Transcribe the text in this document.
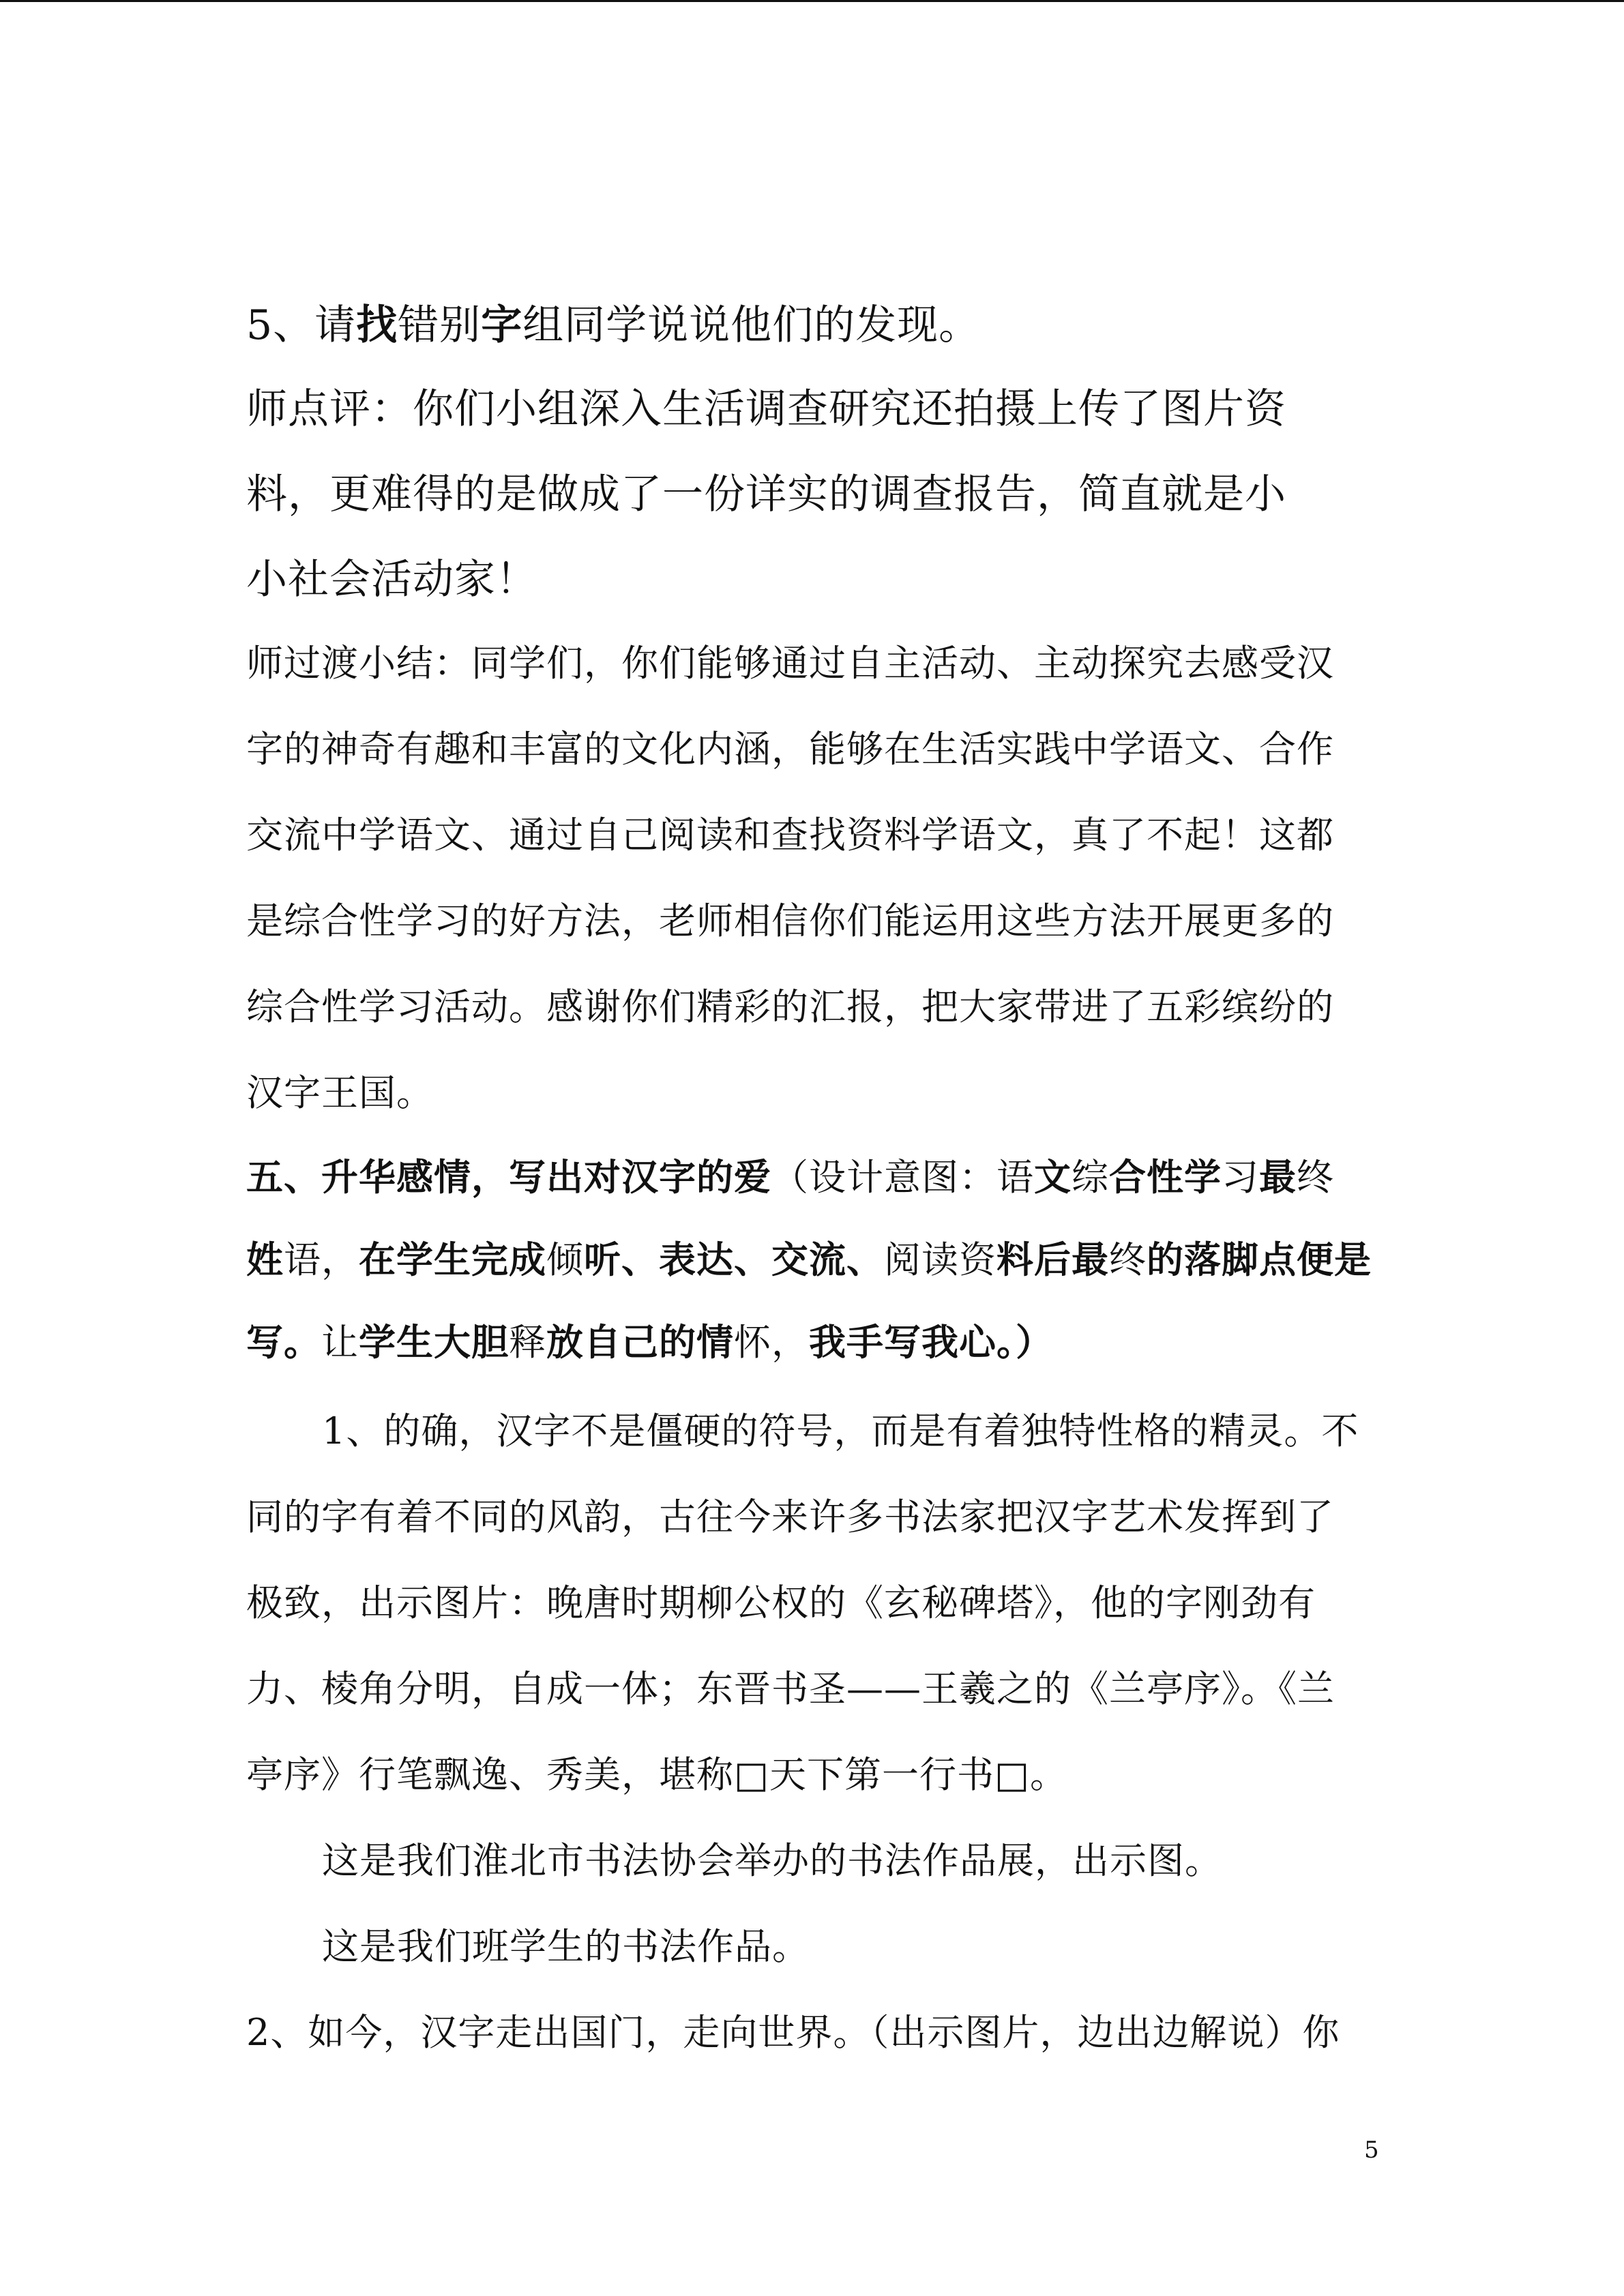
5、请找错别字组同学说说他们的发现。
师点评：你们小组深入生活调查研究还拍摄上传了图片资
料，更难得的是做成了一份详实的调查报告，简直就是小
小社会活动家！
师过渡小结：同学们，你们能够通过自主活动、主动探究去感受汉
字的神奇有趣和丰富的文化内涵，能够在生活实践中学语文、合作
交流中学语文、通过自己阅读和查找资料学语文，真了不起！这都
是综合性学习的好方法，老师相信你们能运用这些方法开展更多的
综合性学习活动。感谢你们精彩的汇报，把大家带进了五彩缤纷的
汉字王国。
五、升华感情，写出对汉字的爱（设计意图：语文综合性学习最终
姓语，在学生完成倾听、表达、交流、阅读资料后最终的落脚点便是
写。让学生大胆释放自己的情怀，我手写我心。）
1、的确，汉字不是僵硬的符号，而是有着独特性格的精灵。不
同的字有着不同的风韵，古往今来许多书法家把汉字艺术发挥到了
极致，出示图片：晚唐时期柳公权的《玄秘碑塔》，他的字刚劲有
力、棱角分明，自成一体；东晋书圣——王羲之的《兰亭序》。《兰
亭序》行笔飘逸、秀美，堪称□天下第一行书□。
这是我们淮北市书法协会举办的书法作品展，出示图。
这是我们班学生的书法作品。
2、如今，汉字走出国门，走向世界。（出示图片，边出边解说）你
5
